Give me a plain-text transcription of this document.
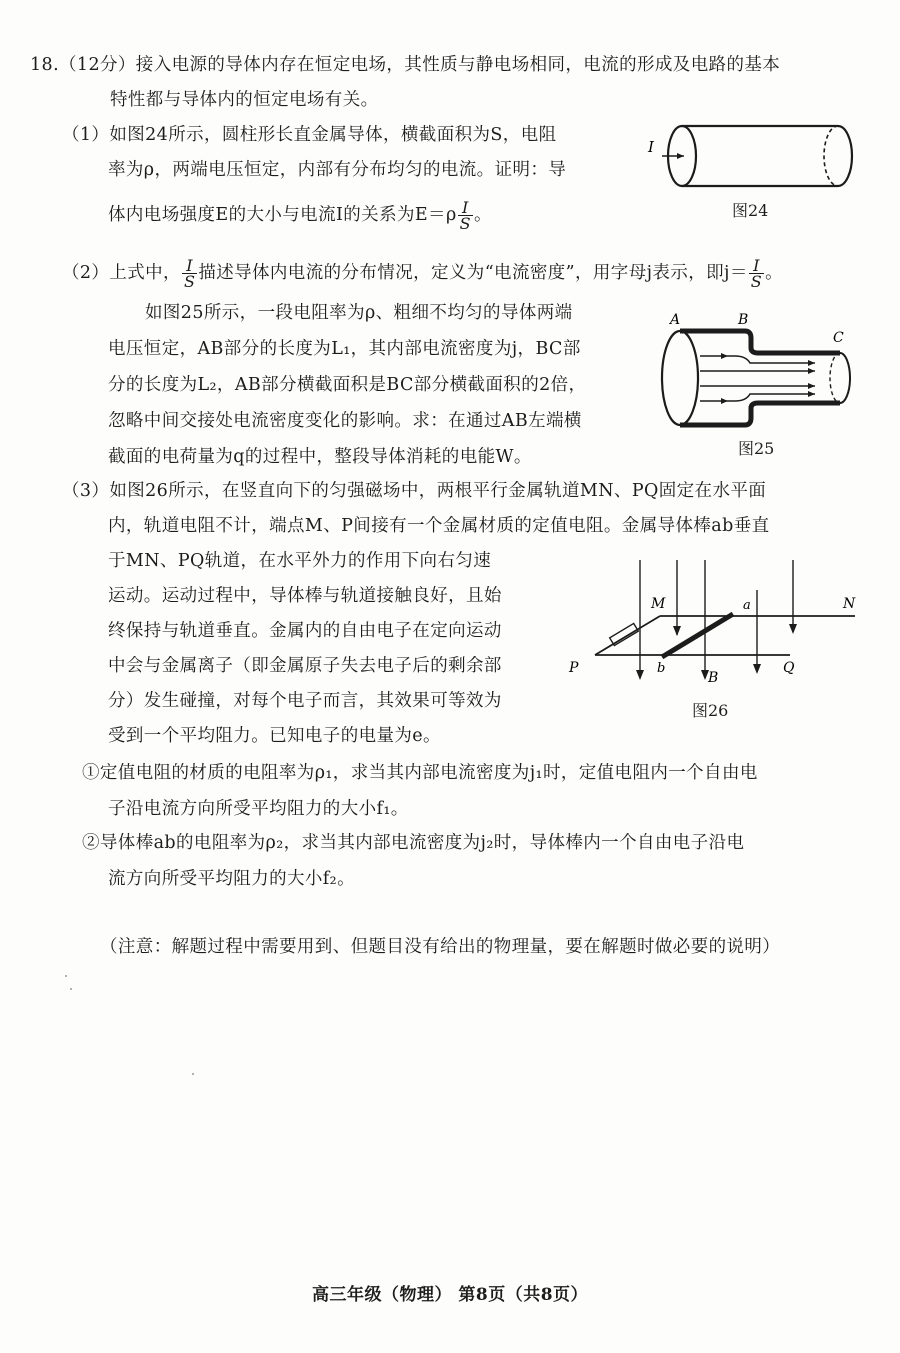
18.（12分）接入电源的导体内存在恒定电场，其性质与静电场相同，电流的形成及电路的基本
特性都与导体内的恒定电场有关。
（1）如图24所示，圆柱形长直金属导体，横截面积为S，电阻
率为ρ，两端电压恒定，内部有分布均匀的电流。证明：导
体内电场强度E的大小与电流I的关系为$E=\rho \frac{I}{S}$ 。
I
图24
（2）上式中， $\frac{I}{S}$ 描述导体内电流的分布情况，定义为“电流密度”，用字母j表示，即$j= \frac{I}{S}$ 。
如图25所示，一段电阻率为ρ、粗细不均匀的导体两端
电压恒定，AB部分的长度为L₁，其内部电流密度为j，BC部
分的长度为L₂，AB部分横截面积是BC部分横截面积的2倍，
忽略中间交接处电流密度变化的影响。求：在通过AB左端横
截面的电荷量为q的过程中，整段导体消耗的电能W。
A	B
C
图25
（3）如图26所示，在竖直向下的匀强磁场中，两根平行金属轨道MN、PQ固定在水平面
内，轨道电阻不计，端点M、P间接有一个金属材质的定值电阻。金属导体棒ab垂直
于MN、PQ轨道，在水平外力的作用下向右匀速
运动。运动过程中，导体棒与轨道接触良好，且始
终保持与轨道垂直。金属内的自由电子在定向运动
中会与金属离子（即金属原子失去电子后的剩余部
分）发生碰撞，对每个电子而言，其效果可等效为
受到一个平均阻力。已知电子的电量为e。
M	N
P	Q
a
b
B
图26
①定值电阻的材质的电阻率为ρ₁，求当其内部电流密度为j₁时，定值电阻内一个自由电
子沿电流方向所受平均阻力的大小f₁。
②导体棒ab的电阻率为ρ₂，求当其内部电流密度为j₂时，导体棒内一个自由电子沿电
流方向所受平均阻力的大小f₂。
（注意：解题过程中需要用到、但题目没有给出的物理量，要在解题时做必要的说明）
高三年级（物理） 第8页（共8页）
